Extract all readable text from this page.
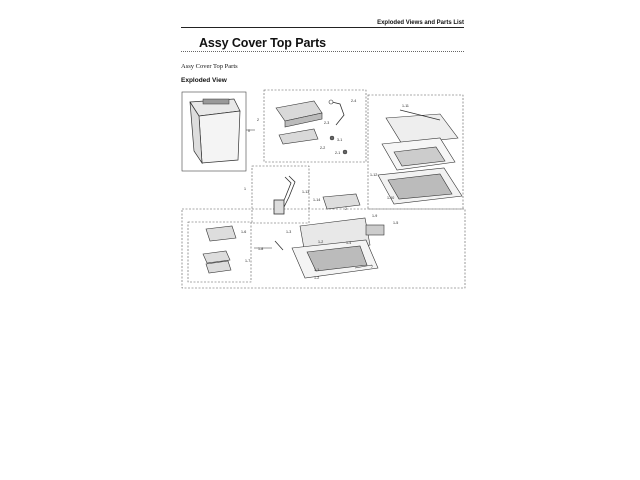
Exploded Views and Parts List
Assy Cover Top Parts
Assy Cover Top Parts
Exploded View
0
2
2-3
2-4
3-1
2-2
2-1
1
1-13
1-14
1-11
1-12
1-10
1-9
1-5
7
2
1-3
1-2	1-4
1-8
1-6
1-7
1-1
1-2
